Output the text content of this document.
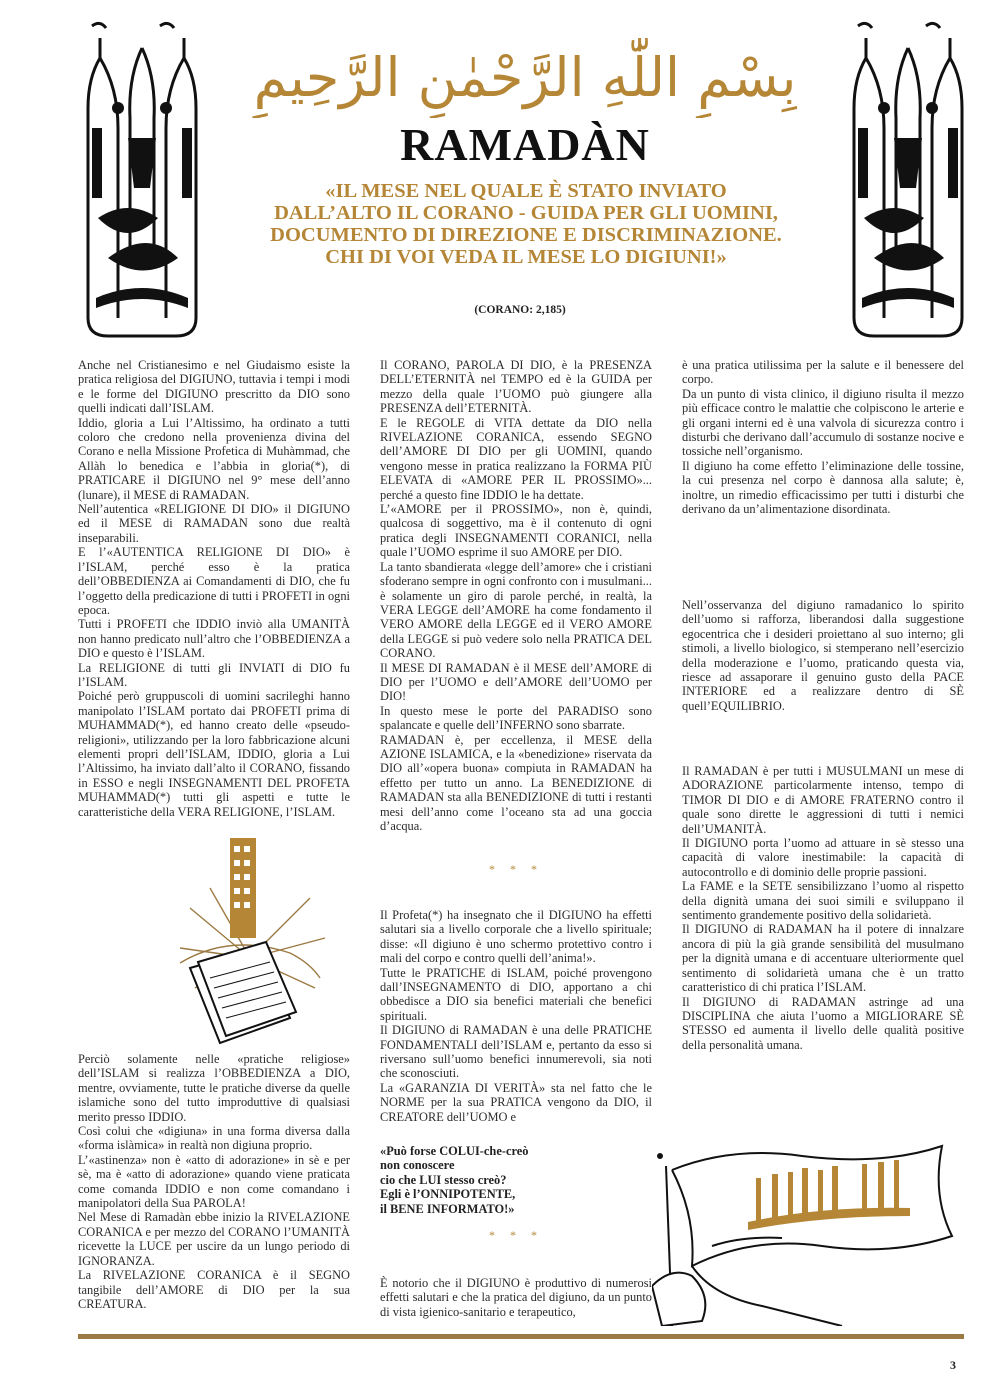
بِسْمِ اللّٰهِ الرَّحْمٰنِ الرَّحِيمِ
RAMADÀN
«IL MESE NEL QUALE È STATO INVIATO
DALL’ALTO IL CORANO - GUIDA PER GLI UOMINI,
DOCUMENTO DI DIREZIONE E DISCRIMINAZIONE.
CHI DI VOI VEDA IL MESE LO DIGIUNI!»
(CORANO: 2,185)

Anche nel Cristianesimo e nel Giudaismo esiste la pratica religiosa del DIGIUNO, tuttavia i tempi i modi e le forme del DIGIUNO prescritto da DIO sono quelli indicati dall’ISLAM.

Iddio, gloria a Lui l’Altissimo, ha ordinato a tutti coloro che credono nella provenienza divina del Corano e nella Missione Profetica di Muhàmmad, che Allàh lo benedica e l’abbia in gloria(*), di PRATICARE il DIGIUNO nel 9° mese dell’anno (lunare), il MESE di RAMADAN.

Nell’autentica «RELIGIONE DI DIO» il DIGIUNO ed il MESE di RAMADAN sono due realtà inseparabili.

E l’«AUTENTICA RELIGIONE DI DIO» è l’ISLAM, perché esso è la pratica dell’OBBEDIENZA ai Comandamenti di DIO, che fu l’oggetto della predicazione di tutti i PROFETI in ogni epoca.

Tutti i PROFETI che IDDIO inviò alla UMANITÀ non hanno predicato null’altro che l’OBBEDIENZA a DIO e questo è l’ISLAM.

La RELIGIONE di tutti gli INVIATI di DIO fu l’ISLAM.

Poiché però gruppuscoli di uomini sacrileghi hanno manipolato l’ISLAM portato dai PROFETI prima di MUHAMMAD(*), ed hanno creato delle «pseudo-religioni», utilizzando per la loro fabbricazione alcuni elementi propri dell’ISLAM, IDDIO, gloria a Lui l’Altissimo, ha inviato dall’alto il CORANO, fissando in ESSO e negli INSEGNAMENTI DEL PROFETA MUHAMMAD(*) tutti gli aspetti e tutte le caratteristiche della VERA RELIGIONE, l’ISLAM.

Perciò solamente nelle «pratiche religiose» dell’ISLAM si realizza l’OBBEDIENZA a DIO, mentre, ovviamente, tutte le pratiche diverse da quelle islamiche sono del tutto improduttive di qualsiasi merito presso IDDIO.

Così colui che «digiuna» in una forma diversa dalla «forma islàmica» in realtà non digiuna proprio.

L’«astinenza» non è «atto di adorazione» in sè e per sè, ma è «atto di adorazione» quando viene praticata come comanda IDDIO e non come comandano i manipolatori della Sua PAROLA!

Nel Mese di Ramadàn ebbe inizio la RIVELAZIONE CORANICA e per mezzo del CORANO l’UMANITÀ ricevette la LUCE per uscire da un lungo periodo di IGNORANZA.

La RIVELAZIONE CORANICA è il SEGNO tangibile dell’AMORE di DIO per la sua CREATURA.

Il CORANO, PAROLA DI DIO, è la PRESENZA DELL’ETERNITÀ nel TEMPO ed è la GUIDA per mezzo della quale l’UOMO può giungere alla PRESENZA dell’ETERNITÀ.

E le REGOLE di VITA dettate da DIO nella RIVELAZIONE CORANICA, essendo SEGNO dell’AMORE DI DIO per gli UOMINI, quando vengono messe in pratica realizzano la FORMA PIÙ ELEVATA di «AMORE PER IL PROSSIMO»... perché a questo fine IDDIO le ha dettate.

L’«AMORE per il PROSSIMO», non è, quindi, qualcosa di soggettivo, ma è il contenuto di ogni pratica degli INSEGNAMENTI CORANICI, nella quale l’UOMO esprime il suo AMORE per DIO.

La tanto sbandierata «legge dell’amore» che i cristiani sfoderano sempre in ogni confronto con i musulmani... è solamente un giro di parole perché, in realtà, la VERA LEGGE dell’AMORE ha come fondamento il VERO AMORE della LEGGE ed il VERO AMORE della LEGGE si può vedere solo nella PRATICA DEL CORANO.

Il MESE DI RAMADAN è il MESE dell’AMORE di DIO per l’UOMO e dell’AMORE dell’UOMO per DIO!

In questo mese le porte del PARADISO sono spalancate e quelle dell’INFERNO sono sbarrate.

RAMADAN è, per eccellenza, il MESE della AZIONE ISLAMICA, e la «benedizione» riservata da DIO all’«opera buona» compiuta in RAMADAN ha effetto per tutto un anno. La BENEDIZIONE di RAMADAN sta alla BENEDIZIONE di tutti i restanti mesi dell’anno come l’oceano sta ad una goccia d’acqua.

* * *

Il Profeta(*) ha insegnato che il DIGIUNO ha effetti salutari sia a livello corporale che a livello spirituale; disse: «Il digiuno è uno schermo protettivo contro i mali del corpo e contro quelli dell’anima!».

Tutte le PRATICHE di ISLAM, poiché provengono dall’INSEGNAMENTO di DIO, apportano a chi obbedisce a DIO sia benefici materiali che benefici spirituali.

Il DIGIUNO di RAMADAN è una delle PRATICHE FONDAMENTALI dell’ISLAM e, pertanto da esso si riversano sull’uomo benefici innumerevoli, sia noti che sconosciuti.

La «GARANZIA DI VERITÀ» sta nel fatto che le NORME per la sua PRATICA vengono da DIO, il CREATORE dell’UOMO e

«Può forse COLUI-che-creò

non conoscere

cio che LUI stesso creò?

Egli è l’ONNIPOTENTE,

il BENE INFORMATO!»

* * *

È notorio che il DIGIUNO è produttivo di numerosi effetti salutari e che la pratica del digiuno, da un punto di vista igienico-sanitario e terapeutico,

è una pratica utilissima per la salute e il benessere del corpo.

Da un punto di vista clinico, il digiuno risulta il mezzo più efficace contro le malattie che colpiscono le arterie e gli organi interni ed è una valvola di sicurezza contro i disturbi che derivano dall’accumulo di sostanze nocive e tossiche nell’organismo.

Il digiuno ha come effetto l’eliminazione delle tossine, la cui presenza nel corpo è dannosa alla salute; è, inoltre, un rimedio efficacissimo per tutti i disturbi che derivano da un’alimentazione disordinata.

Nell’osservanza del digiuno ramadanico lo spirito dell’uomo si rafforza, liberandosi dalla suggestione egocentrica che i desideri proiettano al suo interno; gli stimoli, a livello biologico, si stemperano nell’esercizio della moderazione e l’uomo, praticando questa via, riesce ad assaporare il genuino gusto della PACE INTERIORE ed a realizzare dentro di SÈ quell’EQUILIBRIO.

Il RAMADAN è per tutti i MUSULMANI un mese di ADORAZIONE particolarmente intenso, tempo di TIMOR DI DIO e di AMORE FRATERNO contro il quale sono dirette le aggressioni di tutti i nemici dell’UMANITÀ.

Il DIGIUNO porta l’uomo ad attuare in sè stesso una capacità di valore inestimabile: la capacità di autocontrollo e di dominio delle proprie passioni.

La FAME e la SETE sensibilizzano l’uomo al rispetto della dignità umana dei suoi simili e sviluppano il sentimento grandemente positivo della solidarietà.

Il DIGIUNO di RADAMAN ha il potere di innalzare ancora di più la già grande sensibilità del musulmano per la dignità umana e di accentuare ulteriormente quel sentimento di solidarietà umana che è un tratto caratteristico di chi pratica l’ISLAM.

Il DIGIUNO di RADAMAN astringe ad una DISCIPLINA che aiuta l’uomo a MIGLIORARE SÈ STESSO ed aumenta il livello delle qualità positive della personalità umana.

3
